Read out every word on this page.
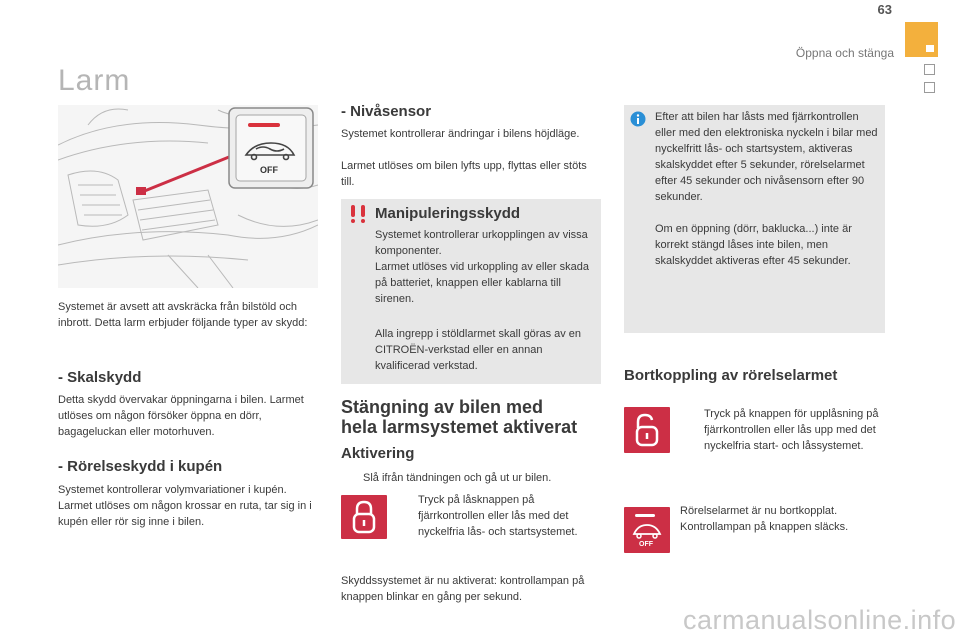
63
Öppna och stänga
Larm
OFF
Systemet är avsett att avskräcka från bilstöld och inbrott. Detta larm erbjuder följande typer av skydd:
- Skalskydd
Detta skydd övervakar öppningarna i bilen. Larmet utlöses om någon försöker öppna en dörr, bagageluckan eller motorhuven.
- Rörelseskydd i kupén
Systemet kontrollerar volymvariationer i kupén. Larmet utlöses om någon krossar en ruta, tar sig in i kupén eller rör sig inne i bilen.
- Nivåsensor
Systemet kontrollerar ändringar i bilens höjdläge.
Larmet utlöses om bilen lyfts upp, flyttas eller stöts till.
Manipuleringsskydd
Systemet kontrollerar urkopplingen av vissa komponenter.
Larmet utlöses vid urkoppling av eller skada på batteriet, knappen eller kablarna till sirenen.
Alla ingrepp i stöldlarmet skall göras av en CITROËN-verkstad eller en annan kvalificerad verkstad.
Stängning av bilen med
hela larmsystemet aktiverat
Aktivering
Slå ifrån tändningen och gå ut ur bilen.
Tryck på låsknappen på fjärrkontrollen eller lås med det nyckelfria lås- och startsystemet.
Skyddssystemet är nu aktiverat: kontrollampan på knappen blinkar en gång per sekund.
Efter att bilen har låsts med fjärrkontrollen eller med den elektroniska nyckeln i bilar med nyckelfritt lås- och startsystem, aktiveras skalskyddet efter 5 sekunder, rörelselarmet efter 45 sekunder och nivåsensorn efter 90 sekunder.
Om en öppning (dörr, baklucka...) inte är korrekt stängd låses inte bilen, men skalskyddet aktiveras efter 45 sekunder.
Bortkoppling av rörelselarmet
Tryck på knappen för upplåsning på fjärrkontrollen eller lås upp med det nyckelfria start- och låssystemet.
OFF
Rörelselarmet är nu bortkopplat. Kontrollampan på knappen släcks.
carmanualsonline.info
